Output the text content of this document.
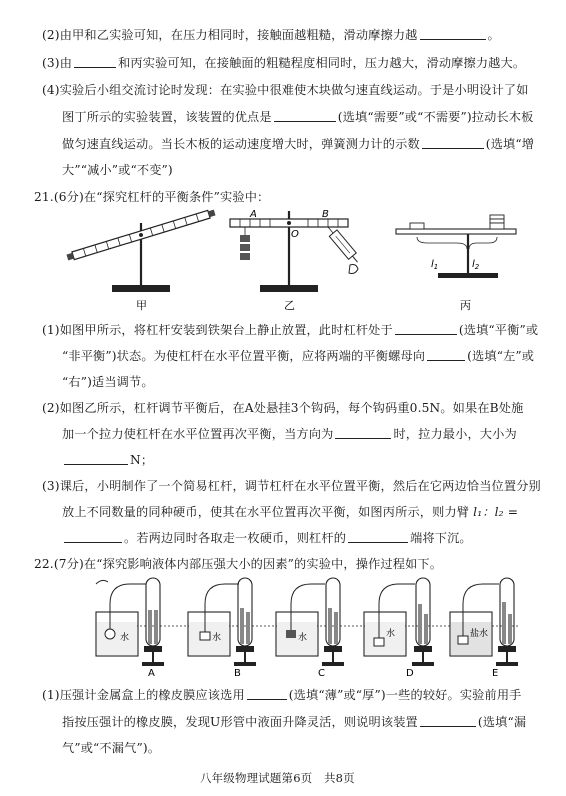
(2)由甲和乙实验可知，在压力相同时，接触面越粗糙，滑动摩擦力越	。
(3)由	和丙实验可知，在接触面的粗糙程度相同时，压力越大，滑动摩擦力越大。
(4)实验后小组交流讨论时发现：在实验中很难使木块做匀速直线运动。于是小明设计了如
图丁所示的实验装置，该装置的优点是	(选填“需要”或“不需要”)拉动长木板
做匀速直线运动。当长木板的运动速度增大时，弹簧测力计的示数	(选填“增
大”“减小”或“不变”)
21.(6分)在“探究杠杆的平衡条件”实验中：
甲
A	B
O
乙
$l_1$	$l_2$
丙
(1)如图甲所示，将杠杆安装到铁架台上静止放置，此时杠杆处于	(选填“平衡”或
“非平衡”)状态。为使杠杆在水平位置平衡，应将两端的平衡螺母向	(选填“左”或
“右”)适当调节。
(2)如图乙所示，杠杆调节平衡后，在A处悬挂3个钩码，每个钩码重0.5N。如果在B处施
加一个拉力使杠杆在水平位置再次平衡，当方向为	时，拉力最小，大小为
N；
(3)课后，小明制作了一个简易杠杆，调节杠杆在水平位置平衡，然后在它两边恰当位置分别
放上不同数量的同种硬币，使其在水平位置再次平衡，如图丙所示，则力臂 l₁：l₂ =
。若两边同时各取走一枚硬币，则杠杆的	端将下沉。
22.(7分)在“探究影响液体内部压强大小的因素”的实验中，操作过程如下。
水
A
水
B
水
C
水
D
盐水
E
(1)压强计金属盒上的橡皮膜应该选用	(选填“薄”或“厚”)一些的较好。实验前用手
指按压强计的橡皮膜，发现U形管中液面升降灵活，则说明该装置	(选填“漏
气”或“不漏气”)。
八年级物理试题第6页　共8页
